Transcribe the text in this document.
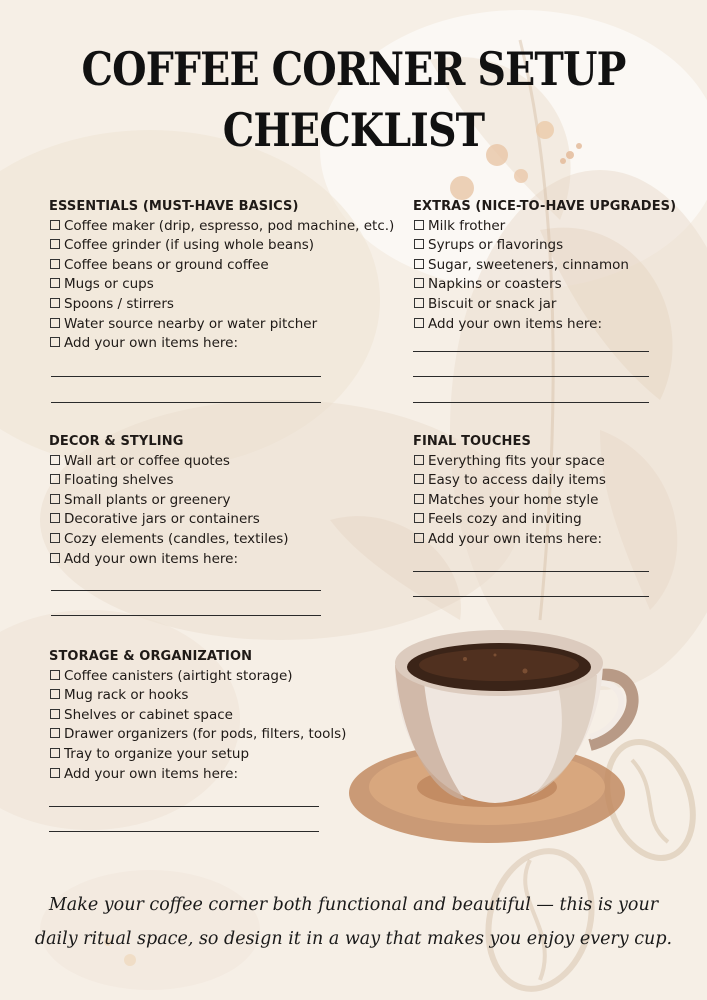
COFFEE CORNER SETUP
CHECKLIST
ESSENTIALS (MUST-HAVE BASICS)
Coffee maker (drip, espresso, pod machine, etc.)
Coffee grinder (if using whole beans)
Coffee beans or ground coffee
Mugs or cups
Spoons / stirrers
Water source nearby or water pitcher
Add your own items here:
EXTRAS (NICE-TO-HAVE UPGRADES)
Milk frother
Syrups or flavorings
Sugar, sweeteners, cinnamon
Napkins or coasters
Biscuit or snack jar
Add your own items here:
DECOR & STYLING
Wall art or coffee quotes
Floating shelves
Small plants or greenery
Decorative jars or containers
Cozy elements (candles, textiles)
Add your own items here:
FINAL TOUCHES
Everything fits your space
Easy to access daily items
Matches your home style
Feels cozy and inviting
Add your own items here:
STORAGE & ORGANIZATION
Coffee canisters (airtight storage)
Mug rack or hooks
Shelves or cabinet space
Drawer organizers (for pods, filters, tools)
Tray to organize your setup
Add your own items here:
Make your coffee corner both functional and beautiful — this is your
daily ritual space, so design it in a way that makes you enjoy every cup.
